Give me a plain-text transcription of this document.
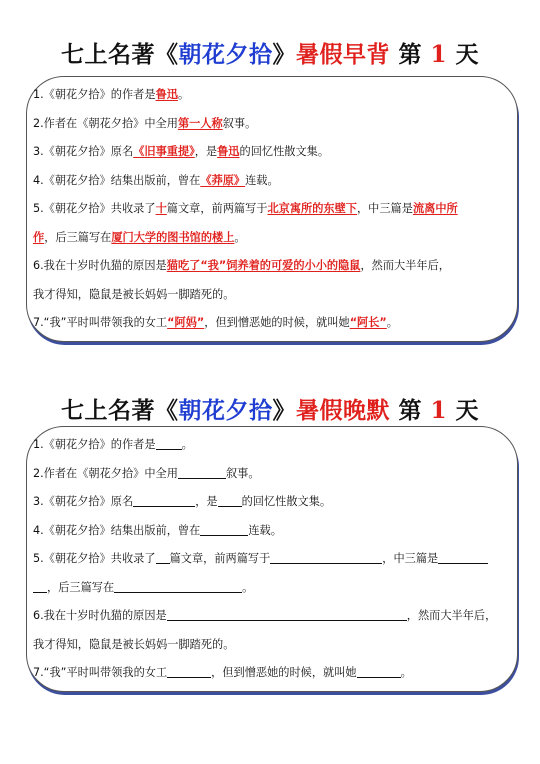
七上名著《朝花夕拾》暑假早背 第 1 天
1.《朝花夕拾》的作者是鲁迅。
2.作者在《朝花夕拾》中全用第一人称叙事。
3.《朝花夕拾》原名《旧事重提》，是鲁迅的回忆性散文集。
4.《朝花夕拾》结集出版前，曾在《莽原》连载。
5.《朝花夕拾》共收录了十篇文章，前两篇写于北京寓所的东壁下，中三篇是流离中所
作，后三篇写在厦门大学的图书馆的楼上。
6.我在十岁时仇猫的原因是猫吃了“我”饲养着的可爱的小小的隐鼠，然而大半年后，
我才得知，隐鼠是被长妈妈一脚踏死的。
7.“我”平时叫带领我的女工“阿妈”，但到憎恶她的时候，就叫她“阿长”。
七上名著《朝花夕拾》暑假晚默 第 1 天
1.《朝花夕拾》的作者是 。
2.作者在《朝花夕拾》中全用	叙事。
3.《朝花夕拾》原名	，是 的回忆性散文集。
4.《朝花夕拾》结集出版前，曾在	连载。
5.《朝花夕拾》共收录了 篇文章，前两篇写于	，中三篇是
，后三篇写在	。
6.我在十岁时仇猫的原因是	，然而大半年后，
我才得知，隐鼠是被长妈妈一脚踏死的。
7.“我”平时叫带领我的女工	，但到憎恶她的时候，就叫她	。
